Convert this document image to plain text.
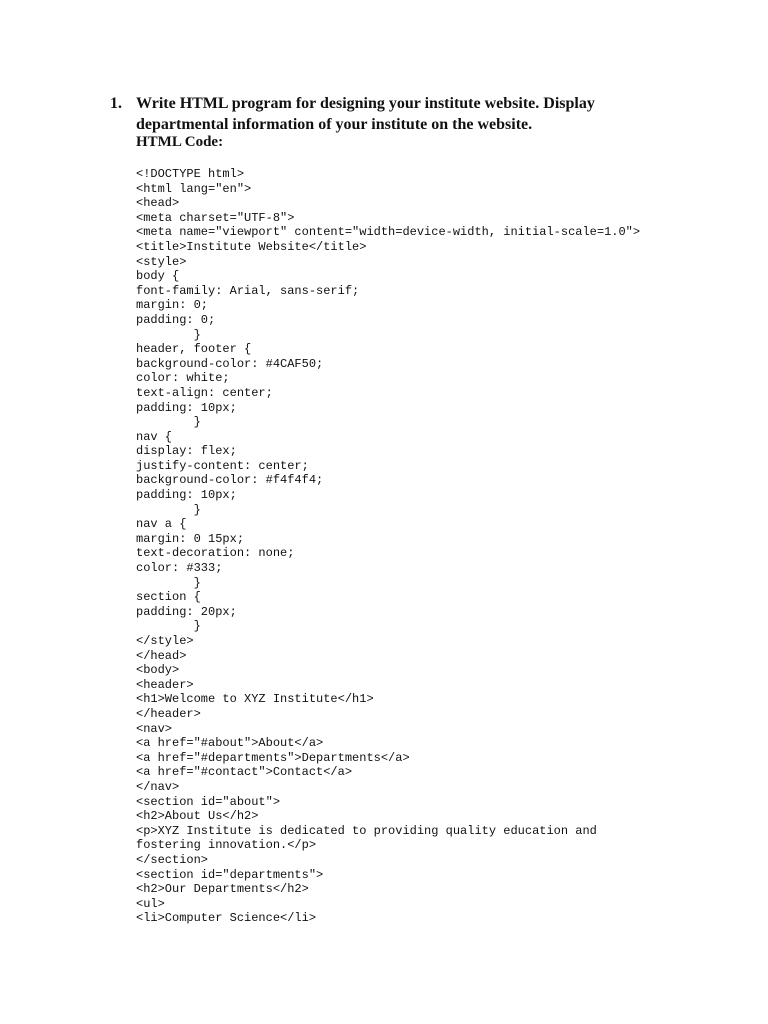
1. Write HTML program for designing your institute website. Display
departmental information of your institute on the website.
HTML Code:
<!DOCTYPE html>
<html lang="en">
<head>
<meta charset="UTF-8">
<meta name="viewport" content="width=device-width, initial-scale=1.0">
<title>Institute Website</title>
<style>
body {
font-family: Arial, sans-serif;
margin: 0;
padding: 0;
}
header, footer {
background-color: #4CAF50;
color: white;
text-align: center;
padding: 10px;
}
nav {
display: flex;
justify-content: center;
background-color: #f4f4f4;
padding: 10px;
}
nav a {
margin: 0 15px;
text-decoration: none;
color: #333;
}
section {
padding: 20px;
}
</style>
</head>
<body>
<header>
<h1>Welcome to XYZ Institute</h1>
</header>
<nav>
<a href="#about">About</a>
<a href="#departments">Departments</a>
<a href="#contact">Contact</a>
</nav>
<section id="about">
<h2>About Us</h2>
<p>XYZ Institute is dedicated to providing quality education and
fostering innovation.</p>
</section>
<section id="departments">
<h2>Our Departments</h2>
<ul>
<li>Computer Science</li>
